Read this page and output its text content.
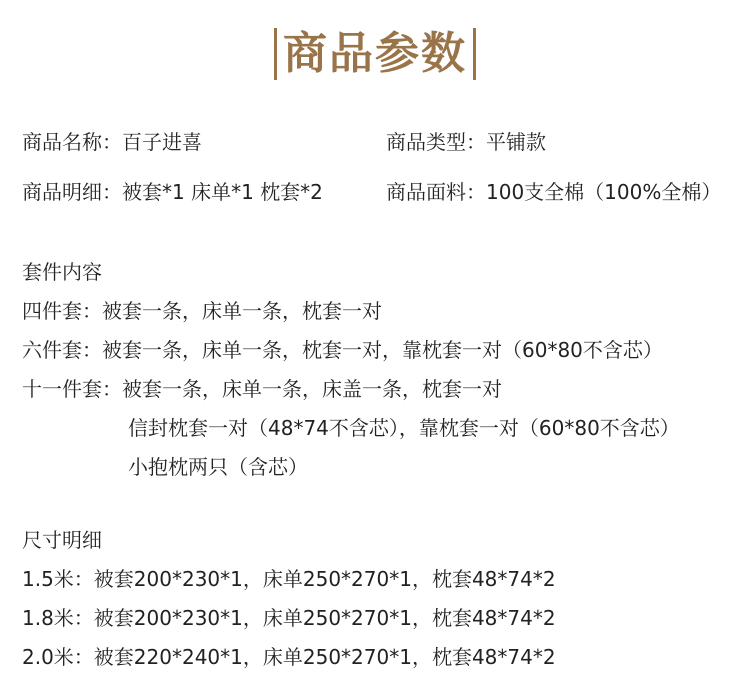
商品参数
商品名称：百子进喜	商品类型：平铺款
商品明细：被套*1 床单*1 枕套*2	商品面料：100支全棉（100%全棉）
套件内容
四件套：被套一条，床单一条，枕套一对
六件套：被套一条，床单一条，枕套一对，靠枕套一对（60*80不含芯）
十一件套：被套一条，床单一条，床盖一条，枕套一对
信封枕套一对（48*74不含芯），靠枕套一对（60*80不含芯）
小抱枕两只（含芯）
尺寸明细
1.5米：被套200*230*1，床单250*270*1，枕套48*74*2
1.8米：被套200*230*1，床单250*270*1，枕套48*74*2
2.0米：被套220*240*1，床单250*270*1，枕套48*74*2
